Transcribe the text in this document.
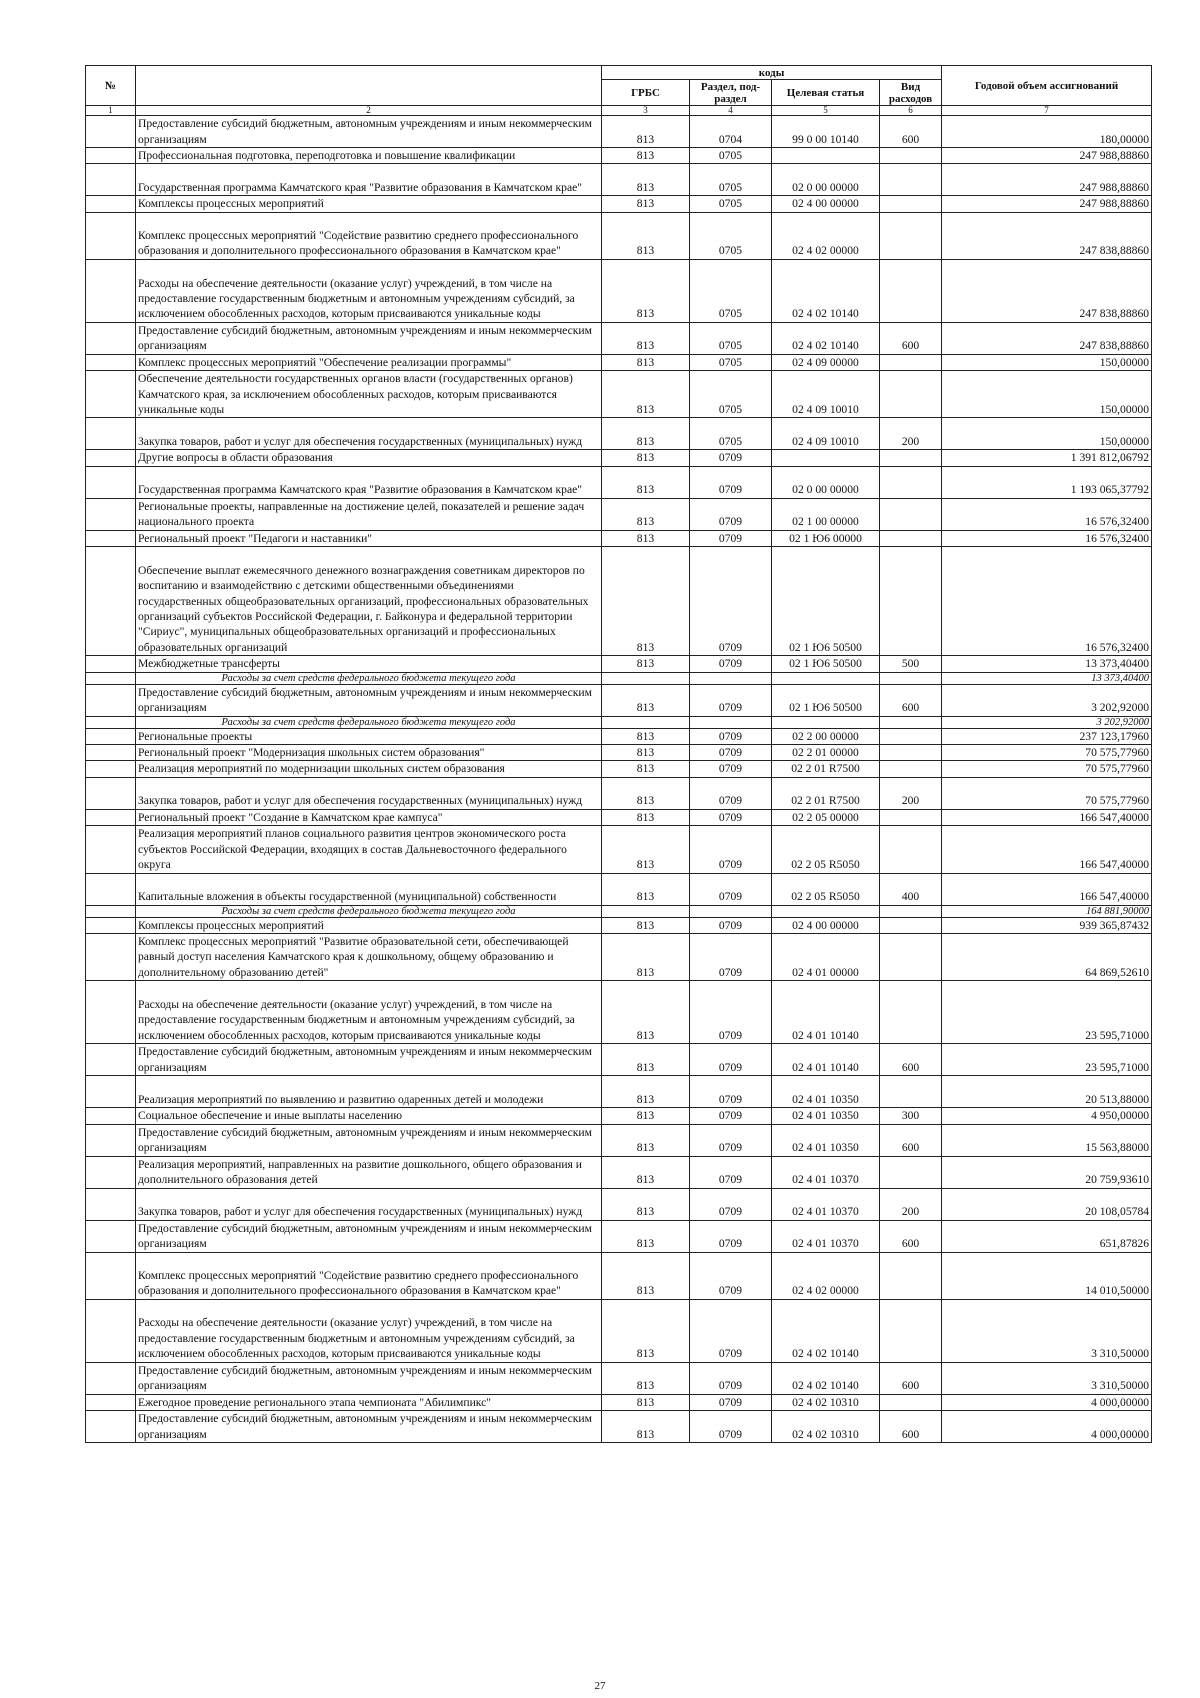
№		коды				Годовой объем ассигнований
		ГРБС	Раздел, под-раздел	Целевая статья	Вид расходов	
1	2	3	4	5	6	7
	Предоставление субсидий бюджетным, автономным учреждениям и иным некоммерческим организациям	813	0704	99 0 00 10140	600	180,00000
	Профессиональная подготовка, переподготовка и повышение квалификации	813	0705			247 988,88860
	Государственная программа Камчатского края "Развитие образования в Камчатском крае"	813	0705	02 0 00 00000		247 988,88860
	Комплексы процессных мероприятий	813	0705	02 4 00 00000		247 988,88860
	Комплекс процессных мероприятий "Содействие развитию среднего профессионального образования и дополнительного профессионального образования в Камчатском крае"	813	0705	02 4 02 00000		247 838,88860
	Расходы на обеспечение деятельности (оказание услуг) учреждений, в том числе на предоставление государственным бюджетным и автономным учреждениям субсидий, за исключением обособленных расходов, которым присваиваются уникальные коды	813	0705	02 4 02 10140		247 838,88860
	Предоставление субсидий бюджетным, автономным учреждениям и иным некоммерческим организациям	813	0705	02 4 02 10140	600	247 838,88860
	Комплекс процессных мероприятий "Обеспечение реализации программы"	813	0705	02 4 09 00000		150,00000
	Обеспечение деятельности государственных органов власти (государственных органов) Камчатского края, за исключением обособленных расходов, которым присваиваются уникальные коды	813	0705	02 4 09 10010		150,00000
	Закупка товаров, работ и услуг для обеспечения государственных (муниципальных) нужд	813	0705	02 4 09 10010	200	150,00000
	Другие вопросы в области образования	813	0709			1 391 812,06792
	Государственная программа Камчатского края "Развитие образования в Камчатском крае"	813	0709	02 0 00 00000		1 193 065,37792
	Региональные проекты, направленные на достижение целей, показателей и решение задач национального проекта	813	0709	02 1 00 00000		16 576,32400
	Региональный проект "Педагоги и наставники"	813	0709	02 1 Ю6 00000		16 576,32400
	Обеспечение выплат ежемесячного денежного вознаграждения советникам директоров по воспитанию и взаимодействию с детскими общественными объединениями государственных общеобразовательных организаций, профессиональных образовательных организаций субъектов Российской Федерации, г. Байконура и федеральной территории "Сириус", муниципальных общеобразовательных организаций и профессиональных образовательных организаций	813	0709	02 1 Ю6 50500		16 576,32400
	Межбюджетные трансферты	813	0709	02 1 Ю6 50500	500	13 373,40400
	Расходы за счет средств федерального бюджета текущего года					13 373,40400
	Предоставление субсидий бюджетным, автономным учреждениям и иным некоммерческим организациям	813	0709	02 1 Ю6 50500	600	3 202,92000
	Расходы за счет средств федерального бюджета текущего года					3 202,92000
	Региональные проекты	813	0709	02 2 00 00000		237 123,17960
	Региональный проект "Модернизация школьных систем образования"	813	0709	02 2 01 00000		70 575,77960
	Реализация мероприятий по модернизации школьных систем образования	813	0709	02 2 01 R7500		70 575,77960
	Закупка товаров, работ и услуг для обеспечения государственных (муниципальных) нужд	813	0709	02 2 01 R7500	200	70 575,77960
	Региональный проект "Создание в Камчатском крае кампуса"	813	0709	02 2 05 00000		166 547,40000
	Реализация мероприятий планов социального развития центров экономического роста субъектов Российской Федерации, входящих в состав Дальневосточного федерального округа	813	0709	02 2 05 R5050		166 547,40000
	Капитальные вложения в объекты государственной (муниципальной) собственности	813	0709	02 2 05 R5050	400	166 547,40000
	Расходы за счет средств федерального бюджета текущего года					164 881,90000
	Комплексы процессных мероприятий	813	0709	02 4 00 00000		939 365,87432
	Комплекс процессных мероприятий "Развитие образовательной сети, обеспечивающей равный доступ населения Камчатского края к дошкольному, общему образованию и дополнительному образованию детей"	813	0709	02 4 01 00000		64 869,52610
	Расходы на обеспечение деятельности (оказание услуг) учреждений, в том числе на предоставление государственным бюджетным и автономным учреждениям субсидий, за исключением обособленных расходов, которым присваиваются уникальные коды	813	0709	02 4 01 10140		23 595,71000
	Предоставление субсидий бюджетным, автономным учреждениям и иным некоммерческим организациям	813	0709	02 4 01 10140	600	23 595,71000
	Реализация мероприятий по выявлению и развитию одаренных детей и молодежи	813	0709	02 4 01 10350		20 513,88000
	Социальное обеспечение и иные выплаты населению	813	0709	02 4 01 10350	300	4 950,00000
	Предоставление субсидий бюджетным, автономным учреждениям и иным некоммерческим организациям	813	0709	02 4 01 10350	600	15 563,88000
	Реализация мероприятий, направленных на развитие дошкольного, общего образования и дополнительного образования детей	813	0709	02 4 01 10370		20 759,93610
	Закупка товаров, работ и услуг для обеспечения государственных (муниципальных) нужд	813	0709	02 4 01 10370	200	20 108,05784
	Предоставление субсидий бюджетным, автономным учреждениям и иным некоммерческим организациям	813	0709	02 4 01 10370	600	651,87826
	Комплекс процессных мероприятий "Содействие развитию среднего профессионального образования и дополнительного профессионального образования в Камчатском крае"	813	0709	02 4 02 00000		14 010,50000
	Расходы на обеспечение деятельности (оказание услуг) учреждений, в том числе на предоставление государственным бюджетным и автономным учреждениям субсидий, за исключением обособленных расходов, которым присваиваются уникальные коды	813	0709	02 4 02 10140		3 310,50000
	Предоставление субсидий бюджетным, автономным учреждениям и иным некоммерческим организациям	813	0709	02 4 02 10140	600	3 310,50000
	Ежегодное проведение регионального этапа чемпионата "Абилимпикс"	813	0709	02 4 02 10310		4 000,00000
	Предоставление субсидий бюджетным, автономным учреждениям и иным некоммерческим организациям	813	0709	02 4 02 10310	600	4 000,00000
27
